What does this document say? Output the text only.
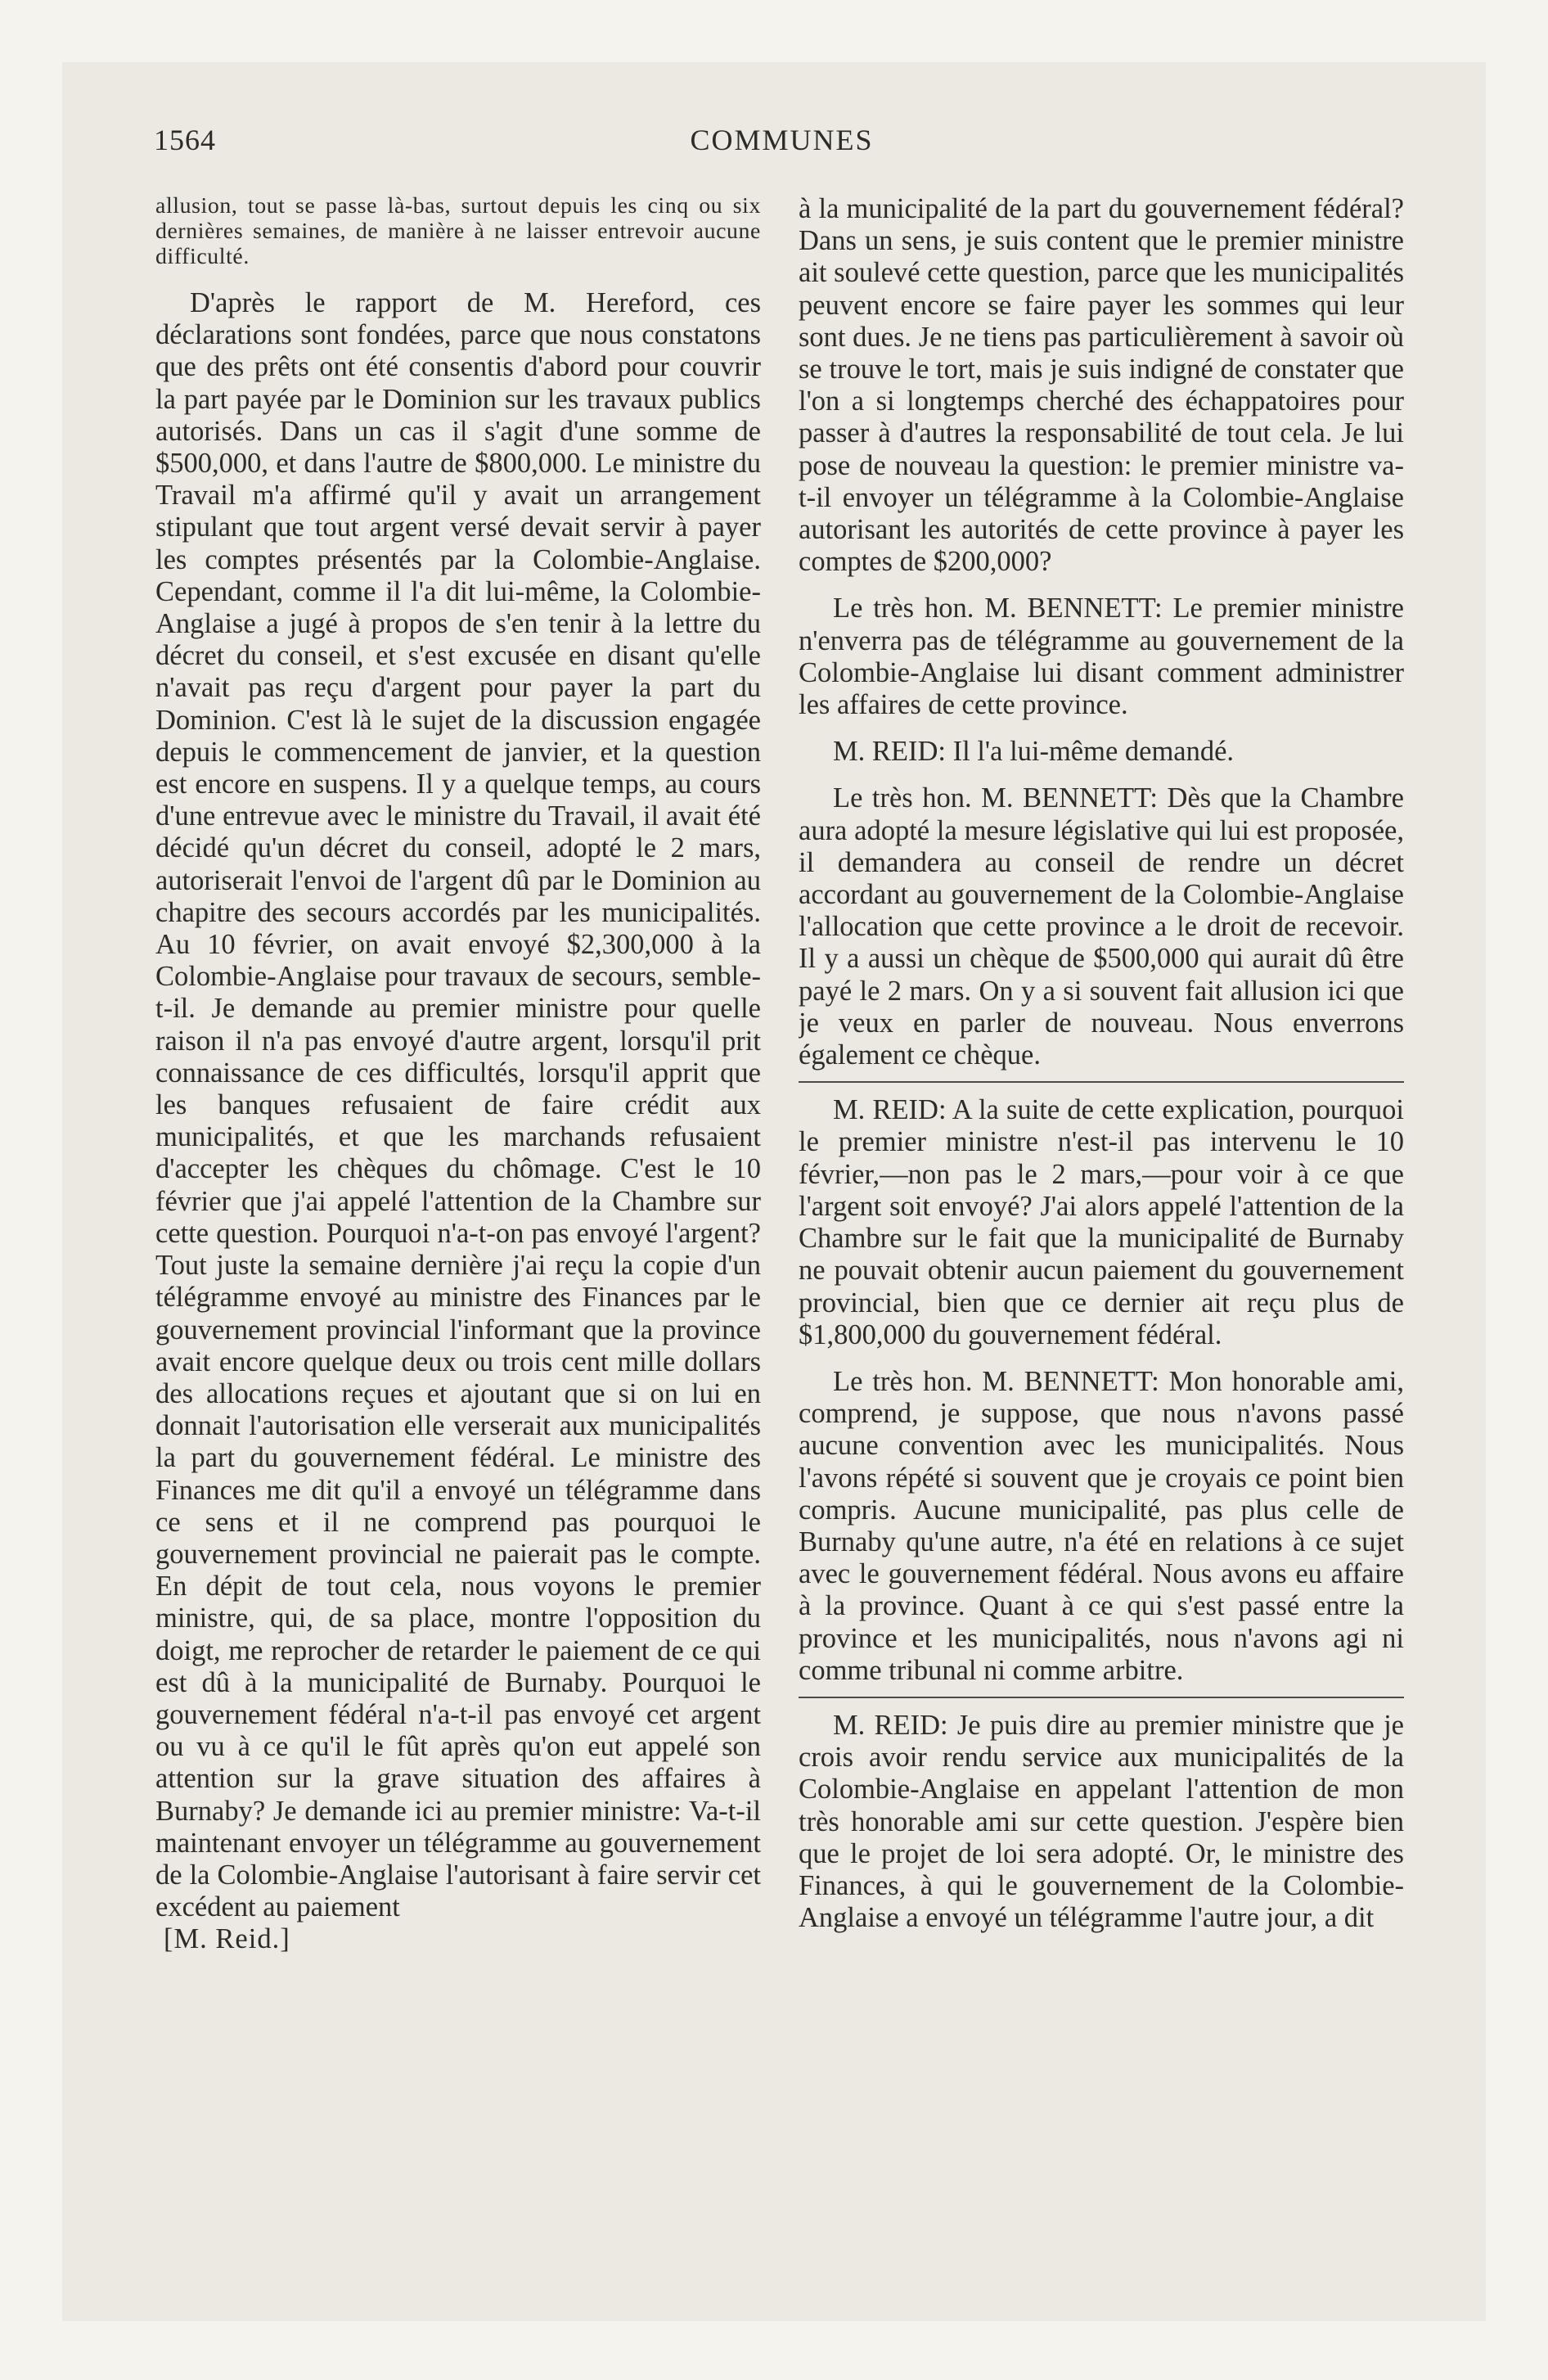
1564	COMMUNES

allusion, tout se passe là-bas, surtout depuis les cinq ou six dernières semaines, de manière à ne laisser entrevoir aucune difficulté.

D'après le rapport de M. Hereford, ces déclarations sont fondées, parce que nous constatons que des prêts ont été consentis d'abord pour couvrir la part payée par le Dominion sur les travaux publics autorisés. Dans un cas il s'agit d'une somme de $500,000, et dans l'autre de $800,000. Le ministre du Travail m'a affirmé qu'il y avait un arrangement stipulant que tout argent versé devait servir à payer les comptes présentés par la Colombie-Anglaise. Cependant, comme il l'a dit lui-même, la Colombie-Anglaise a jugé à propos de s'en tenir à la lettre du décret du conseil, et s'est excusée en disant qu'elle n'avait pas reçu d'argent pour payer la part du Dominion. C'est là le sujet de la discussion engagée depuis le commencement de janvier, et la question est encore en suspens. Il y a quelque temps, au cours d'une entrevue avec le ministre du Travail, il avait été décidé qu'un décret du conseil, adopté le 2 mars, autoriserait l'envoi de l'argent dû par le Dominion au chapitre des secours accordés par les municipalités. Au 10 février, on avait envoyé $2,300,000 à la Colombie-Anglaise pour travaux de secours, semble-t-il. Je demande au premier ministre pour quelle raison il n'a pas envoyé d'autre argent, lorsqu'il prit connaissance de ces difficultés, lorsqu'il apprit que les banques refusaient de faire crédit aux municipalités, et que les marchands refusaient d'accepter les chèques du chômage. C'est le 10 février que j'ai appelé l'attention de la Chambre sur cette question. Pourquoi n'a-t-on pas envoyé l'argent? Tout juste la semaine dernière j'ai reçu la copie d'un télégramme envoyé au ministre des Finances par le gouvernement provincial l'informant que la province avait encore quelque deux ou trois cent mille dollars des allocations reçues et ajoutant que si on lui en donnait l'autorisation elle verserait aux municipalités la part du gouvernement fédéral. Le ministre des Finances me dit qu'il a envoyé un télégramme dans ce sens et il ne comprend pas pourquoi le gouvernement provincial ne paierait pas le compte. En dépit de tout cela, nous voyons le premier ministre, qui, de sa place, montre l'opposition du doigt, me reprocher de retarder le paiement de ce qui est dû à la municipalité de Burnaby. Pourquoi le gouvernement fédéral n'a-t-il pas envoyé cet argent ou vu à ce qu'il le fût après qu'on eut appelé son attention sur la grave situation des affaires à Burnaby? Je demande ici au premier ministre: Va-t-il maintenant envoyer un télégramme au gouvernement de la Colombie-Anglaise l'autorisant à faire servir cet excédent au paiement

[M. Reid.]

à la municipalité de la part du gouvernement fédéral? Dans un sens, je suis content que le premier ministre ait soulevé cette question, parce que les municipalités peuvent encore se faire payer les sommes qui leur sont dues. Je ne tiens pas particulièrement à savoir où se trouve le tort, mais je suis indigné de constater que l'on a si longtemps cherché des échappatoires pour passer à d'autres la responsabilité de tout cela. Je lui pose de nouveau la question: le premier ministre va-t-il envoyer un télégramme à la Colombie-Anglaise autorisant les autorités de cette province à payer les comptes de $200,000?

Le très hon. M. BENNETT: Le premier ministre n'enverra pas de télégramme au gouvernement de la Colombie-Anglaise lui disant comment administrer les affaires de cette province.

M. REID: Il l'a lui-même demandé.

Le très hon. M. BENNETT: Dès que la Chambre aura adopté la mesure législative qui lui est proposée, il demandera au conseil de rendre un décret accordant au gouvernement de la Colombie-Anglaise l'allocation que cette province a le droit de recevoir. Il y a aussi un chèque de $500,000 qui aurait dû être payé le 2 mars. On y a si souvent fait allusion ici que je veux en parler de nouveau. Nous enverrons également ce chèque.

M. REID: A la suite de cette explication, pourquoi le premier ministre n'est-il pas intervenu le 10 février,—non pas le 2 mars,—pour voir à ce que l'argent soit envoyé? J'ai alors appelé l'attention de la Chambre sur le fait que la municipalité de Burnaby ne pouvait obtenir aucun paiement du gouvernement provincial, bien que ce dernier ait reçu plus de $1,800,000 du gouvernement fédéral.

Le très hon. M. BENNETT: Mon honorable ami, comprend, je suppose, que nous n'avons passé aucune convention avec les municipalités. Nous l'avons répété si souvent que je croyais ce point bien compris. Aucune municipalité, pas plus celle de Burnaby qu'une autre, n'a été en relations à ce sujet avec le gouvernement fédéral. Nous avons eu affaire à la province. Quant à ce qui s'est passé entre la province et les municipalités, nous n'avons agi ni comme tribunal ni comme arbitre.

M. REID: Je puis dire au premier ministre que je crois avoir rendu service aux municipalités de la Colombie-Anglaise en appelant l'attention de mon très honorable ami sur cette question. J'espère bien que le projet de loi sera adopté. Or, le ministre des Finances, à qui le gouvernement de la Colombie-Anglaise a envoyé un télégramme l'autre jour, a dit
